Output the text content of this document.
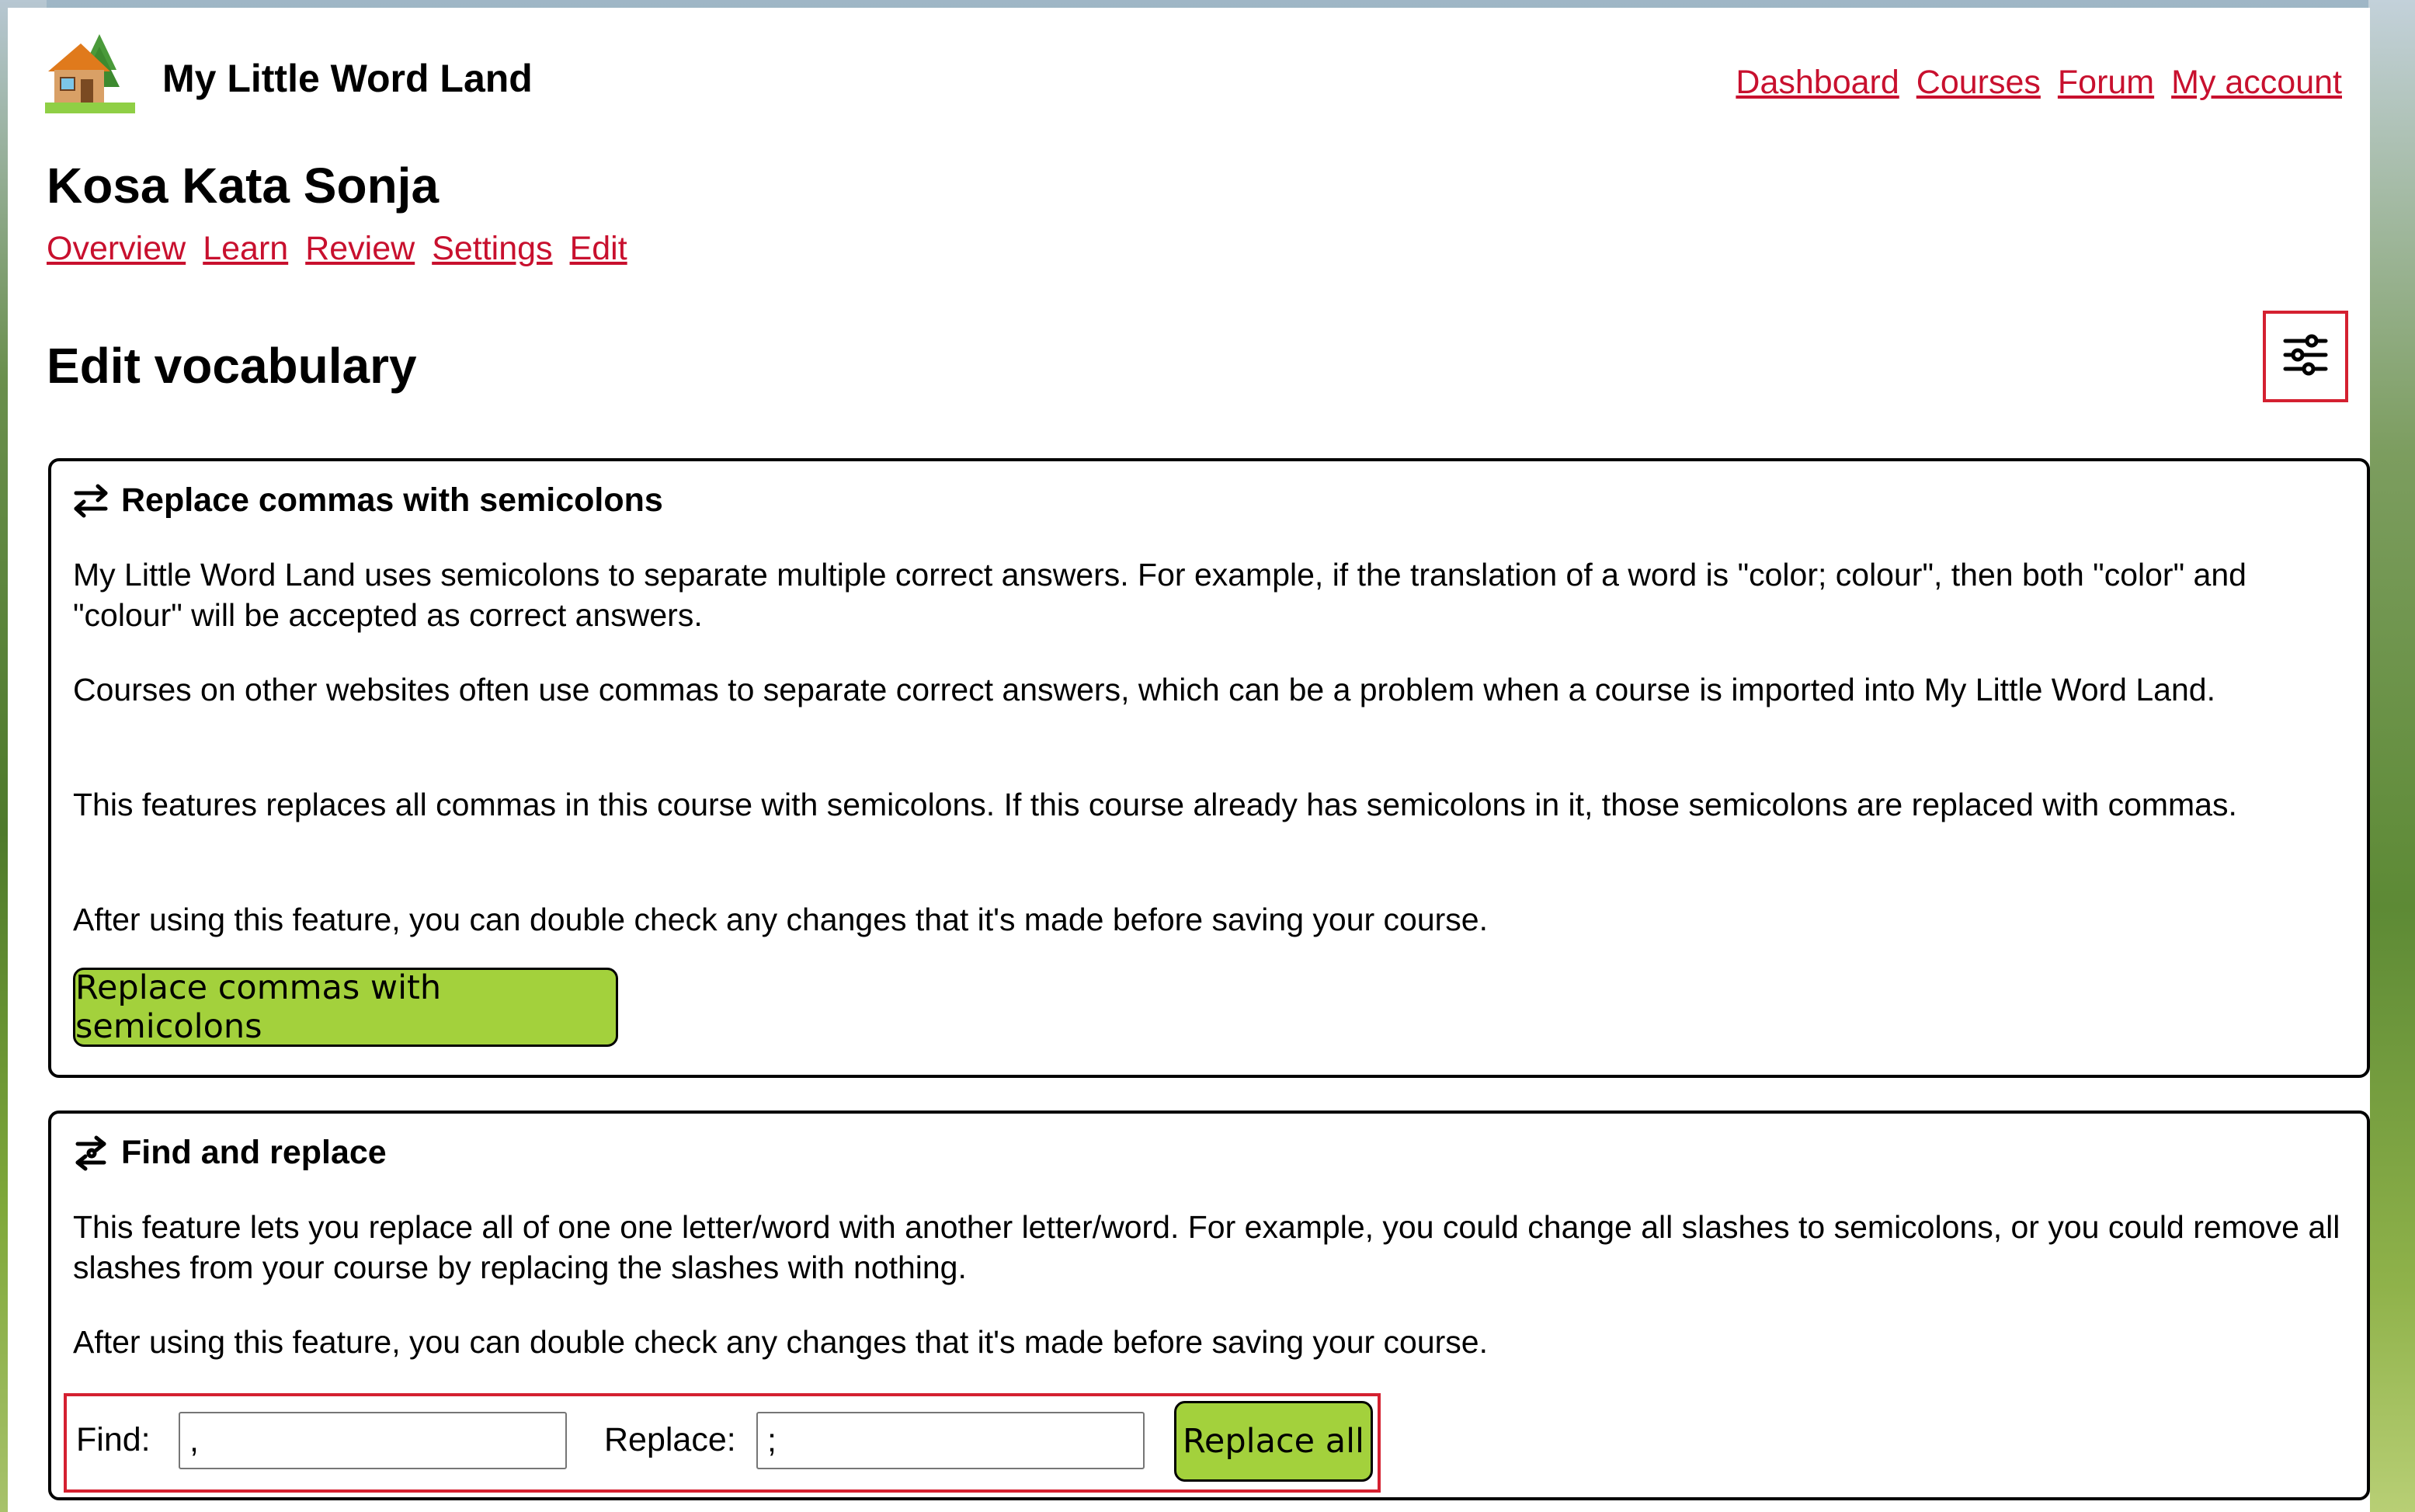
My Little Word Land	Dashboard Courses Forum My account
Kosa Kata Sonja
Overview Learn Review Settings Edit
Edit vocabulary
Replace commas with semicolons
My Little Word Land uses semicolons to separate multiple correct answers. For example, if the translation of a word is "color; colour", then both "color" and "colour" will be accepted as correct answers.
Courses on other websites often use commas to separate correct answers, which can be a problem when a course is imported into My Little Word Land.
This features replaces all commas in this course with semicolons. If this course already has semicolons in it, those semicolons are replaced with commas.
After using this feature, you can double check any changes that it's made before saving your course.
Replace commas with semicolons
Find and replace
This feature lets you replace all of one one letter/word with another letter/word. For example, you could change all slashes to semicolons, or you could remove all slashes from your course by replacing the slashes with nothing.
After using this feature, you can double check any changes that it's made before saving your course.
Find:
,	Replace:
;	Replace all
